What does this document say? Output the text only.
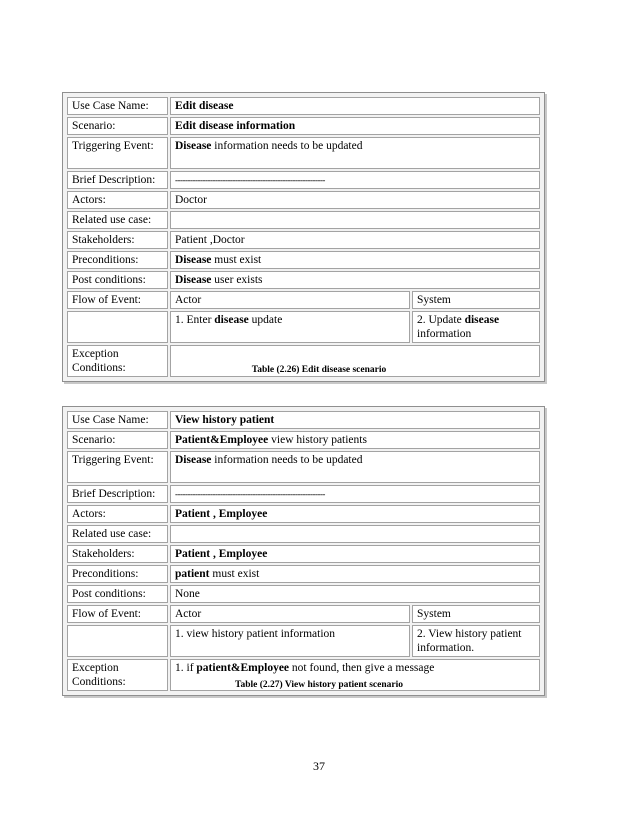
Use Case Name:	Edit disease	
Scenario:	Edit disease information	
Triggering Event:	Disease information needs to be updated	
Brief Description:	------------------------------------------------------------	
Actors:	Doctor	
Related use case:		
Stakeholders:	Patient ,Doctor	
Preconditions:	Disease must exist	
Post conditions:	Disease user exists	
Flow of Event:	Actor	System
	1. Enter disease update	2. Update disease information
Exception Conditions:			Table (2.26) Edit disease scenario
Use Case Name:	View history patient	
Scenario:	Patient&Employee view history patients	
Triggering Event:	Disease information needs to be updated	
Brief Description:	------------------------------------------------------------	
Actors:	Patient , Employee	
Related use case:		
Stakeholders:	Patient , Employee	
Preconditions:	patient must exist	
Post conditions:	None	
Flow of Event:	Actor	System
	1. view history patient information	2. View history patient information.
Exception Conditions:	1. if patient&Employee not found, then give a message	
Table (2.27) View history patient scenario
37
